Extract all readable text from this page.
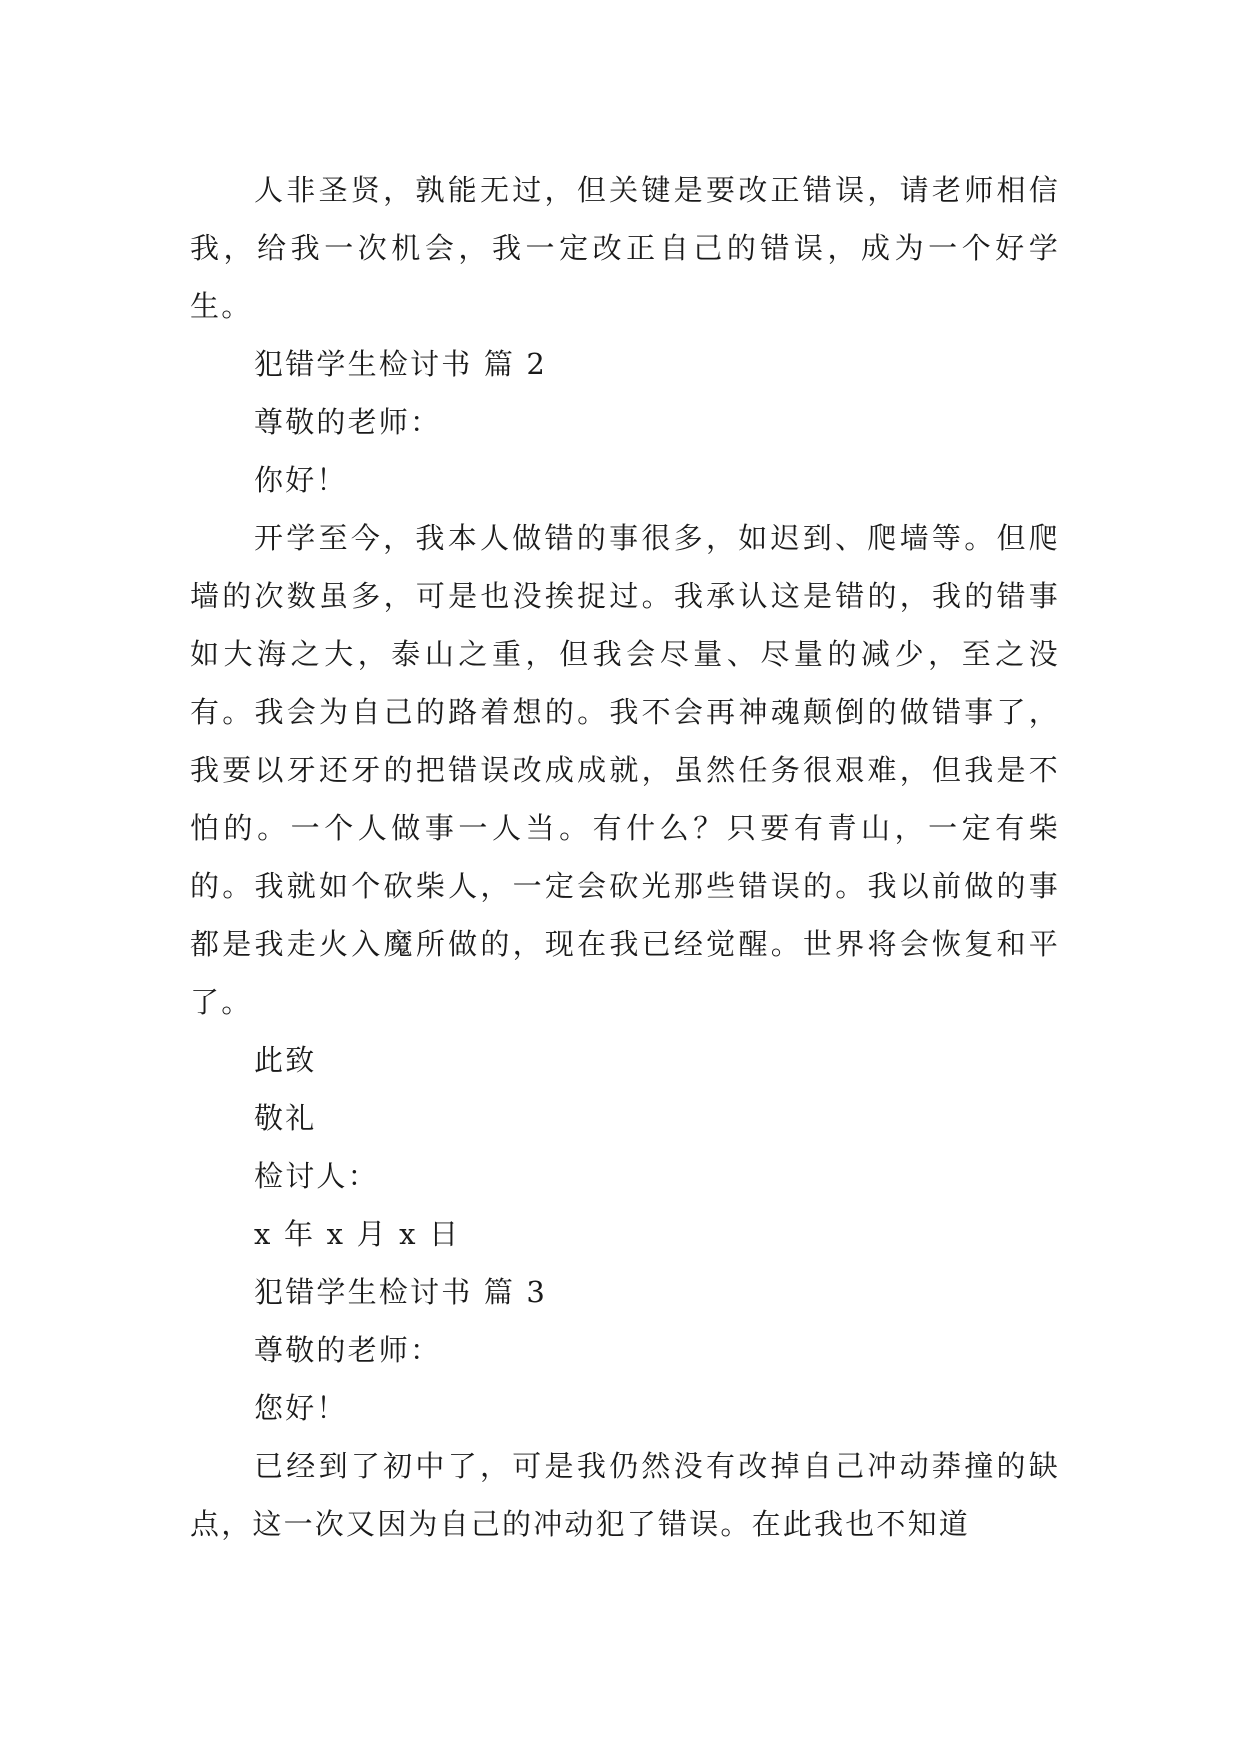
人非圣贤，孰能无过，但关键是要改正错误，请老师相信我，给我一次机会，我一定改正自己的错误，成为一个好学生。

犯错学生检讨书 篇 2

尊敬的老师：

你好！

开学至今，我本人做错的事很多，如迟到、爬墙等。但爬墙的次数虽多，可是也没挨捉过。我承认这是错的，我的错事如大海之大，泰山之重，但我会尽量、尽量的减少，至之没有。我会为自己的路着想的。我不会再神魂颠倒的做错事了，我要以牙还牙的把错误改成成就，虽然任务很艰难，但我是不怕的。一个人做事一人当。有什么？只要有青山，一定有柴的。我就如个砍柴人，一定会砍光那些错误的。我以前做的事都是我走火入魔所做的，现在我已经觉醒。世界将会恢复和平了。

此致

敬礼

检讨人：

x 年 x 月 x 日

犯错学生检讨书 篇 3

尊敬的老师：

您好！

已经到了初中了，可是我仍然没有改掉自己冲动莽撞的缺点，这一次又因为自己的冲动犯了错误。在此我也不知道
